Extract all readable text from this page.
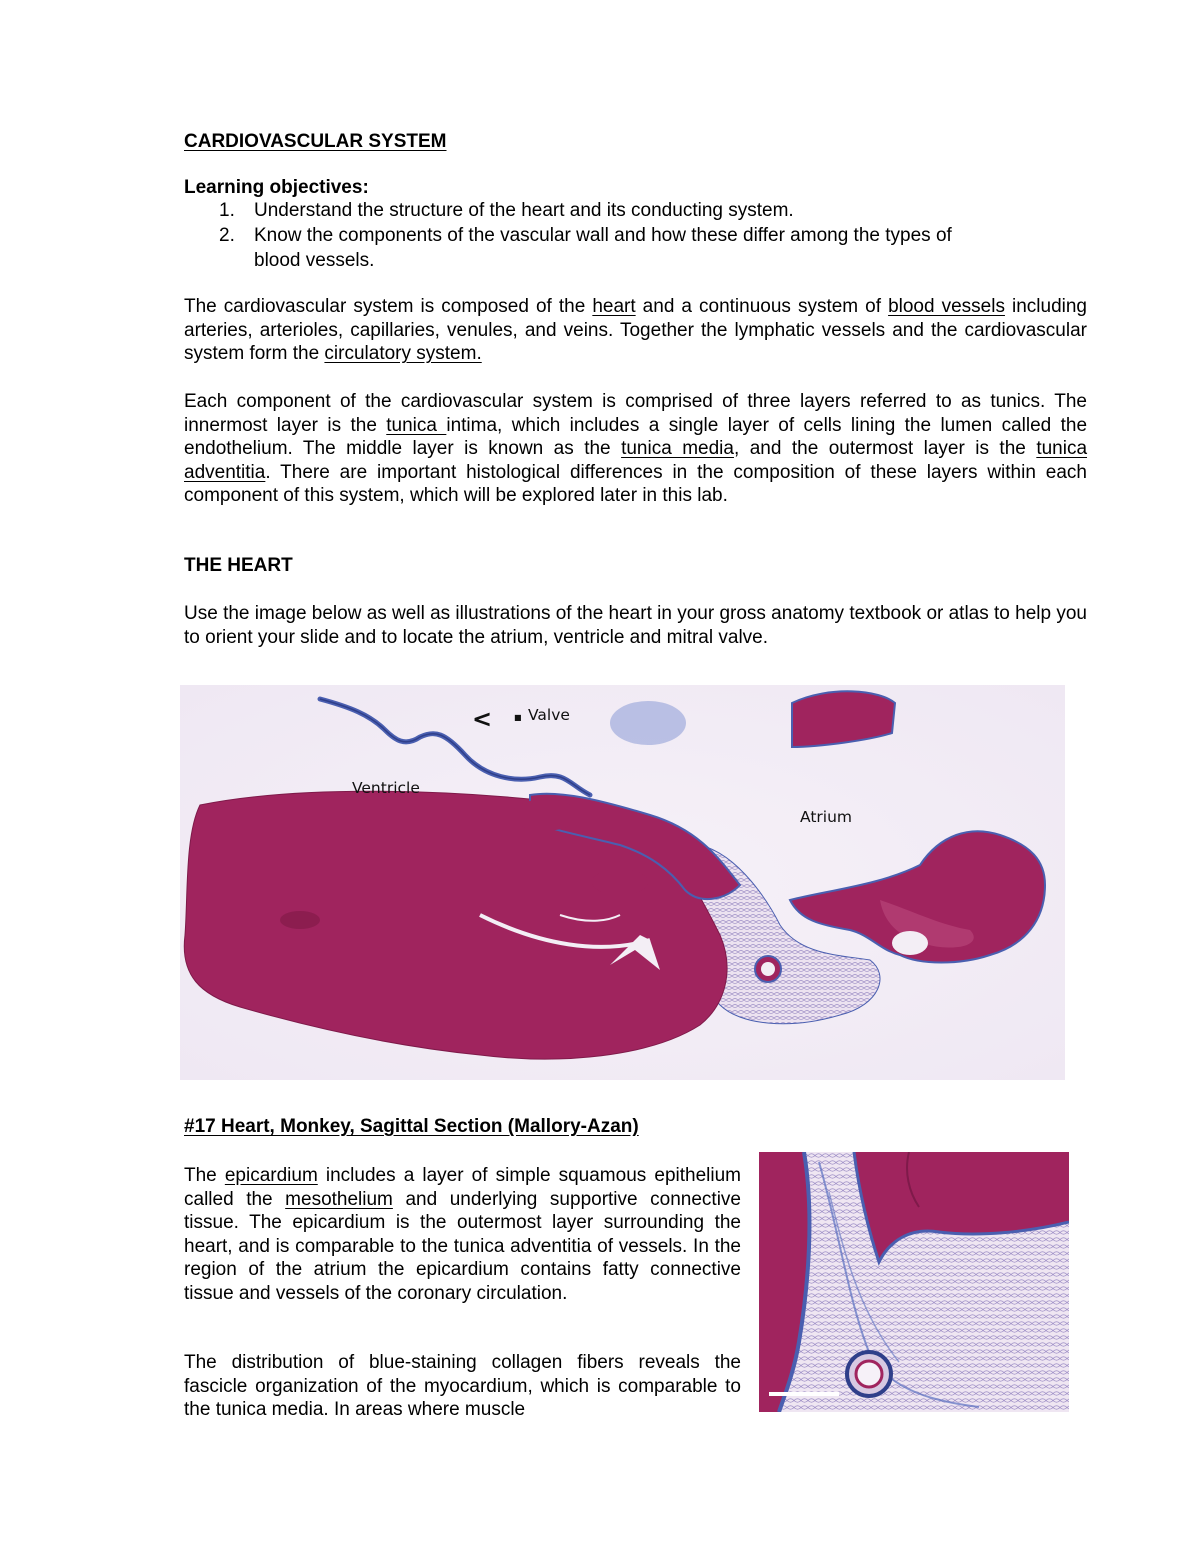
CARDIOVASCULAR SYSTEM
Learning objectives:
1.	Understand the structure of the heart and its conducting system.
2.	Know the components of the vascular wall and how these differ among the types of
blood vessels.

The cardiovascular system is composed of the heart and a continuous system of blood vessels including arteries, arterioles, capillaries, venules, and veins. Together the lymphatic vessels and the cardiovascular system form the circulatory system.

Each component of the cardiovascular system is comprised of three layers referred to as tunics. The innermost layer is the tunica intima, which includes a single layer of cells lining the lumen called the endothelium. The middle layer is known as the tunica media, and the outermost layer is the tunica adventitia. There are important histological differences in the composition of these layers within each component of this system, which will be explored later in this lab.

THE HEART

Use the image below as well as illustrations of the heart in your gross anatomy textbook or atlas to help you to orient your slide and to locate the atrium, ventricle and mitral valve.

<	■ Valve
Ventricle
Atrium
#17 Heart, Monkey, Sagittal Section (Mallory-Azan)

The epicardium includes a layer of simple squamous epithelium called the mesothelium and underlying supportive connective tissue. The epicardium is the outermost layer surrounding the heart, and is comparable to the tunica adventitia of vessels. In the region of the atrium the epicardium contains fatty connective tissue and vessels of the coronary circulation.

The distribution of blue-staining collagen fibers reveals the fascicle organization of the myocardium, which is comparable to the tunica media. In areas where muscle
